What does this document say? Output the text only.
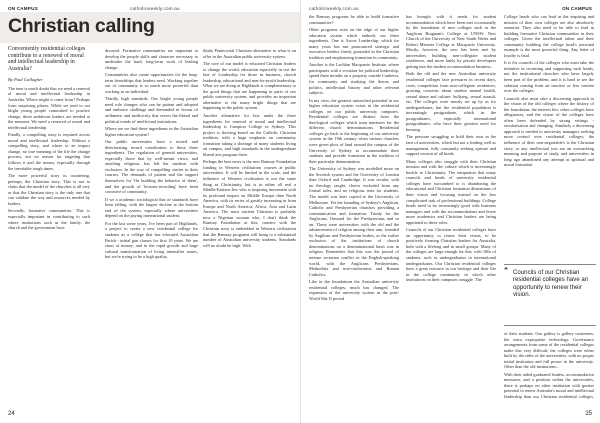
ON CAMPUS	catholicweekly.com.au
Christian calling
Conveniently residential colleges contribute to a renewed of moral and intellectual leadership in Australia?
By Paul Gallagher

The tone is much doubt that we need a renewal of moral and intellectual leadership in Australia. Where might it come from? Perhaps from surprising places. While we tend to not blight young people committed to positive change, these ambitious leaders are needed at the moment. We need a renewed of moral and intellectual leadership.

Finally, a compelling story is required across moral and intellectual leadership. Without a compelling story, and where to an impact change, no true meaning of the life the change process, nor no reason for targeting that follows it and the means, especially through the inevitable tough times.

The more powerful story in countering, perhaps, the Christian story. This is not to claim that the model of the churches is all very or that the Christian story is the only one that can validate the way and resources needed by leaders.

Secondly, formative communities. This is especially important in contributing to such where institutions such as the family, the church and the government have

decayed. Formative communities are important to develop the people skills and character necessary to undertake the hard, long-term work of leading change.

Communities also create opportunities for the long-term friendships that leaders need. Working together out of community is so much more powerful than working as an individual.

Thirdly, high standards. Our bright young people need role changes who can be patient and adopted and embrace challenge and demanded in favour of arithmetic and mediocrity that serves the liberal and political trends of intellectual institutions.

Where are we find these ingredients in the Australian higher education system?

Our public universities have a mixed and deteriorating record contribution to these three ingredients. The regulation of general universities, especially those that by well-meant views, and anything religious, has left the students with exclusion. In the way of compelling stories in their courses. The demands of patient and the support themselves for 'On building the behavior of them', and the growth of 'lecturer-recording' have been corrosive of community.

If we a academic sociological that of standards have been falling, with the largest decline at the bottom end of the system, especially where universities depend on the paying international student.

For the last some years, I've been part of Highlands, a project to create a new residential college for students as a college that has educated Australian Parish - initial gun classes for first 10 years. We are short of money, and in the rapid growth and huge cultural transformation of living intensifies issues, but we're trying to be a high quality,

thinly Pentecostal Christian alternative to what is on offer in the Australian public university system.

The core of our model is educated Christian leaders to change the world, education especially in our the line of Leadership for those in business, church leadership, educational and non-for-profit leadership. What we are doing at Highlands is complementary to the good things that are happening in parts of our public university system, and provides an important alternative to the many bright things that are happening in the public system.

Another alternative for hits under the three ingredients for renewal of moral and intellectual leadership is Campion College in Sydney. This project is thriving based on the Catholic Christian tradition, with a huge emphasis on community formation taking a shortage of many students living on campus, and high standards in the undergraduate liberal arts program there.

Perhaps the best news is the new Ramsay Foundation funding in Western civilisation courses at public universities. It will be limited in the scale, and the influence of Western civilisation is not the same thing as Christianity, but is in either all real a Middle-Eastern Jew who is inspiring movement with its profound impact on Middle Europe then North America, with its series of greatly increasing in from Europe and North America, Africa, Asia and Latin America. The most ancient Christian is probably now a Nigerian woman who, I don't think the Ramsay Foundation at this, connect with the Christian story is embedded in Western civilisation that the Ramsay programs will bring to a substantial number of Australian university students. Standards will no doubt be high. With

24
catholicweekly.com.au	ON CAMPUS

the Ramsay programs be able to build formative communities?

Other programs exist on the edge of our higher education system which embody our three ingredients. One is Arrow Leadership, which for many years has run pronounced strategic and executive leaders firmly grounded in the Christian tradition and emphasising formation in community.

Another is the Lachlan Macquarie Institute, where participants with a vocation for political leadership, spend three months on a property outside Canberra, for community and studying the theory and politics, intellectual history and other relevant subjects.

In my view, the greatest untouched potential in our higher education system exists in the residential colleges on our public university campuses. Residential colleges are distinct from the theological colleges which train ministers for the different church denominations. Residential colleges go back to the beginning of our university system in the 19th century when various churches were given plots of land around the campus of the University of Sydney to accommodate their students and provide formation in the tradition of their particular denomination.

The University of Sydney was modelled more on the Scottish system and the University of London than Oxford and Cambridge. It was secular, with no theology taught, clerics excluded from any formal roles, and no religious tests for students. The model was later copied at the University of Melbourne. Yet the founding of Sydney's Anglican, Catholic and Presbyterian churches providing a communication and formation, Trinity for the Anglicans, Ormond for the Presbyterians and so on. These were universities with the old and the advancement of religion among their aim, founded by Anglican and Presbyterian bodies, as the earlier exclusion of the institutions of church denominations on a denominational basis was in religion. Remember that this was the period of intense sectarian conflict in the English-speaking world, with the Anglicans Presbyterians, Methodists and non-conformists and Roman Catholics.

Like in the foundations the Australian university residential colleges, much has changed. The expansion of the university system in the post-World War II period

has brought with it needs for student accommodation which have been met occasionally by the foundation of new colleges such as the Anglican Bragnam's College at UNSW, New Church of the University of New South Wales and Robert Menzies College at Macquarie University. Mostly, however, the new has been met by universities building non-collegiate student residences, and more lately by private developers getting into the student accommodation business.

Both the old and the new Australian university residential colleges face pressures in recent days, costs, competition from non-collegiate residences, growing concerns about student mental health, sexual abuse and culture: bullying, sexual assault, etc. The colleges were mostly set up by as for undergraduates, but the residential population is increasingly postgraduate, which in the postgraduates, especially international postgraduates, who have their greatest need for housing.

The pressure struggling to hold their own in the face of universities, which but not a leading well as management, fully constantly seeking operate and support version of all kinds.

Many colleges also struggle with their Christian mission and with the culture which is increasingly hostile to Christianity. The temptation that many councils and heads of university residential colleges have succumbed to is abandoning the educational and Christian formation dimensions of their vision and focusing instead on the less complicated task of professional buildings. College heads need to be increasingly good with business managers and with the accommodations and fewer more academics and Christian leaders are being appointed to these roles.

Councils of our Christian residential colleges have an opportunity to renew their vision, to be positively forming Christian leaders for Australia, both with a lifelong and in small groups. Many of the colleges are large enough for this, with 100s of students, such as undergraduates in international undergraduates. Our Christian residential colleges have a great resource in our heritage and their life in the college community in which other institutions on their campuses struggle. The

College heads who can lead in the inspiring and mission of their own colleges are also absolutely essential. They also need to be able to lead in building formative Christian communities in their colleges. Given the intellectual talent and their community building the college head's personal example is the most powerful thing. Any letter of loyalty is fatal.

It is for councils of the colleges who must take the initiative in recruiting and supporting such heads, not the institutional churches who have largely been part of the problem, and it is hard to see the solution coming from an inactive or less content over the colleges.

Councils also must take a discerning approach to the vision of the old colleges where the history of the foundation, the interest lies, other colleges have allegiances, and the vision of the colleges have often been defended by strong settings - secularisation and changing. Similarly a discerning approach is needed to university managers seeking more control over residential colleges; the influence of their non-negotiable's is the Christian story, or any intellectual you are an overarching meaning and purpose of study, and universities in long ago abandoned any attempt at spiritual and moral formation

❝ Councils of our Christian residential colleges have an opportunity to renew their vision.

of their students. Our gallery is gallery customers; the extra expropriate technology. Governance arrangements from some of the residential colleges make this very difficult; the colleges were either built by the sides of the universities, with no proper initial institution and full power in the university. Other than the old institutions...

With their aided graduated leaders, accommodation measures, and a position within the universities, there is perhaps no other institution with greater potential to renew Australia's moral and intellectual leadership than our Christian residential colleges.

25
